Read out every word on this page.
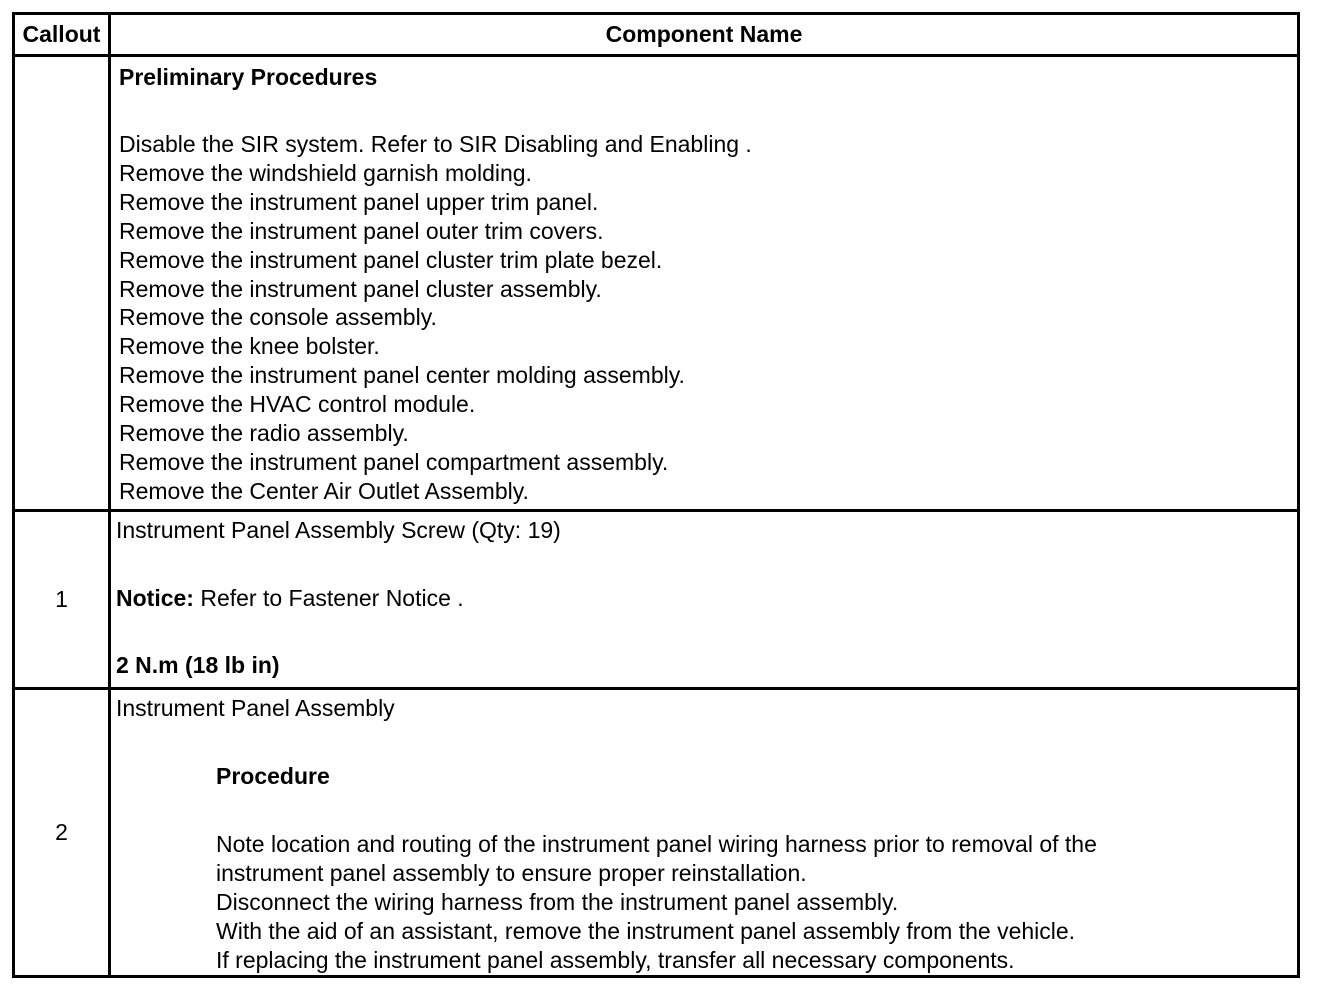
Callout	Component Name
Preliminary Procedures
Disable the SIR system. Refer to SIR Disabling and Enabling .
Remove the windshield garnish molding.
Remove the instrument panel upper trim panel.
Remove the instrument panel outer trim covers.
Remove the instrument panel cluster trim plate bezel.
Remove the instrument panel cluster assembly.
Remove the console assembly.
Remove the knee bolster.
Remove the instrument panel center molding assembly.
Remove the HVAC control module.
Remove the radio assembly.
Remove the instrument panel compartment assembly.
Remove the Center Air Outlet Assembly.
1
Instrument Panel Assembly Screw (Qty: 19)
Notice: Refer to Fastener Notice .
2 N.m (18 lb in)
2
Instrument Panel Assembly
Procedure
Note location and routing of the instrument panel wiring harness prior to removal of the
instrument panel assembly to ensure proper reinstallation.
Disconnect the wiring harness from the instrument panel assembly.
With the aid of an assistant, remove the instrument panel assembly from the vehicle.
If replacing the instrument panel assembly, transfer all necessary components.
